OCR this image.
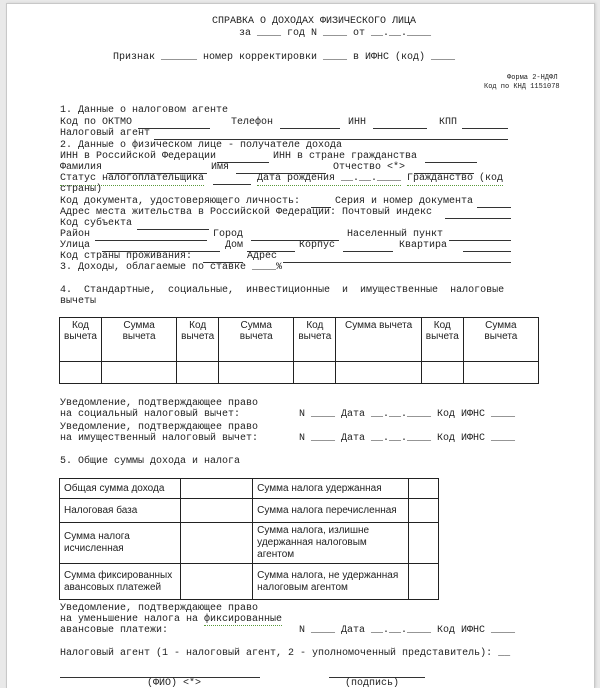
СПРАВКА О ДОХОДАХ ФИЗИЧЕСКОГО ЛИЦА
за ____ год N ____ от __.__.____
Признак ______ номер корректировки ____ в ИФНС (код) ____
Форма 2-НДФЛ
Код по КНД 1151078
1. Данные о налоговом агенте
Код по ОКТМО	Телефон	ИНН	КПП
Налоговый агент
2. Данные о физическом лице - получателе дохода
ИНН в Российской Федерации	ИНН в стране гражданства
Фамилия	Имя	Отчество <*>
Статус налогоплательщика	Дата рождения __.__.____ Гражданство (код
страны)
Код документа, удостоверяющего личность:	Серия и номер документа
Адрес места жительства в Российской Федерации: Почтовый индекс
Код субъекта
Район	Город	Населенный пункт
Улица	Дом	Корпус	Квартира
Код страны проживания:	Адрес
3. Доходы, облагаемые по ставке ____%
4.  Стандартные,  социальные,  инвестиционные  и  имущественные  налоговые
вычеты
Код вычета	Сумма вычета	Код вычета	Сумма вычета	Код вычета	Сумма вычета	Код вычета	Сумма вычета

Уведомление, подтверждающее право
на социальный налоговый вычет:	N ____ Дата __.__.____ Код ИФНС ____
Уведомление, подтверждающее право
на имущественный налоговый вычет:	N ____ Дата __.__.____ Код ИФНС ____
5. Общие суммы дохода и налога
Общая сумма дохода		Сумма налога удержанная	
Налоговая база		Сумма налога перечисленная	
Сумма налога исчисленная		Сумма налога, излишне удержанная налоговым агентом	
Сумма фиксированных авансовых платежей		Сумма налога, не удержанная налоговым агентом	
Уведомление, подтверждающее право
на уменьшение налога на фиксированные
авансовые платежи:	N ____ Дата __.__.____ Код ИФНС ____
Налоговый агент (1 - налоговый агент, 2 - уполномоченный представитель): __
(ФИО) <*>	(подпись)
